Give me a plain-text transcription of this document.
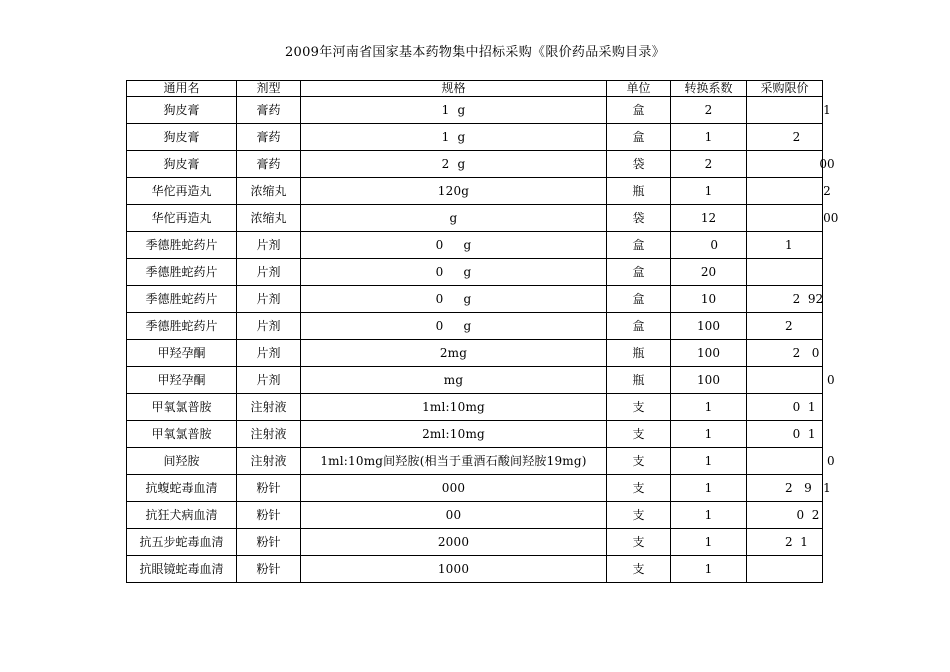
2009年河南省国家基本药物集中招标采购《限价药品采购目录》
通用名	剂型	规格	单位	转换系数	采购限价
狗皮膏	膏药	1  g	盒	2	1

狗皮膏	膏药	1  g	盒	1	2

狗皮膏	膏药	2  g	袋	2	00

华佗再造丸	浓缩丸	120g	瓶	1	2

华佗再造丸	浓缩丸	g	袋	12	00

季德胜蛇药片	片剂	0     g	盒	0	1

季德胜蛇药片	片剂	0     g	盒	20	

季德胜蛇药片	片剂	0     g	盒	10	2  92

季德胜蛇药片	片剂	0     g	盒	100	2

甲羟孕酮	片剂	2mg	瓶	100	2   0

甲羟孕酮	片剂	mg	瓶	100	0

甲氧氯普胺	注射液	1ml:10mg	支	1	0  1

甲氧氯普胺	注射液	2ml:10mg	支	1	0  1

间羟胺	注射液	1ml:10mg间羟胺(相当于重酒石酸间羟胺19mg)	支	1	0

抗蝮蛇毒血清	粉针	000	支	1	2   9   1

抗狂犬病血清	粉针	00	支	1	0  2

抗五步蛇毒血清	粉针	2000	支	1	2  1

抗眼镜蛇毒血清	粉针	1000	支	1	
